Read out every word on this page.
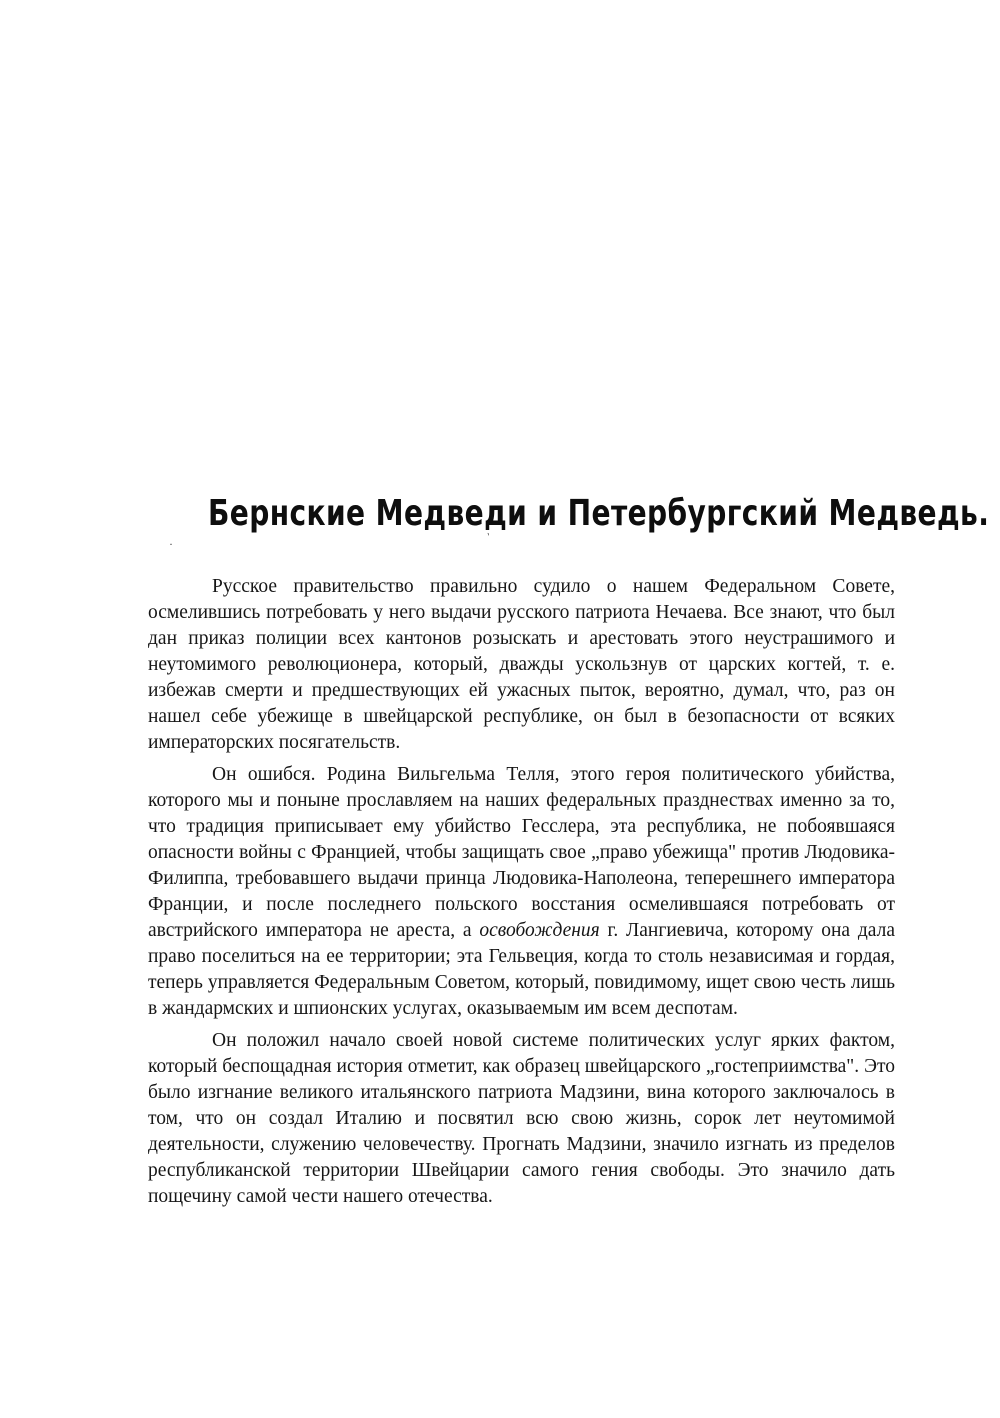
Бернские Медведи и Петербургский Медведь.
·	`

Русское правительство правильно судило о нашем Федеральном Совете, осмелившись потребовать у него выдачи русского патриота Нечаева. Все знают, что был дан приказ полиции всех кантонов розыскать и арестовать этого неустрашимого и неутомимого революционера, который, дважды ускользнув от царских когтей, т. е. избежав смерти и предшествующих ей ужасных пыток, вероятно, думал, что, раз он нашел себе убежище в швейцарской республике, он был в безопасности от всяких императорских посягательств.

Он ошибся. Родина Вильгельма Телля, этого героя политического убийства, которого мы и поныне прославляем на наших федеральных празднествах именно за то, что традиция приписывает ему убийство Гесслера, эта республика, не побоявшаяся опасности войны с Францией, чтобы защищать свое „право убежища" против Людовика-Филиппа, требовавшего выдачи принца Людовика-Наполеона, теперешнего императора Франции, и после последнего польского восстания осмелившаяся потребовать от австрийского императора не ареста, а освобождения г. Лангиевича, которому она дала право поселиться на ее территории; эта Гельвеция, когда то столь независимая и гордая, теперь управляется Федеральным Советом, который, повидимому, ищет свою честь лишь в жандармских и шпионских услугах, оказываемым им всем деспотам.

Он положил начало своей новой системе политических услуг ярких фактом, который беспощадная история отметит, как образец швейцарского „гостеприимства". Это было изгнание великого итальянского патриота Мадзини, вина которого заключалось в том, что он создал Италию и посвятил всю свою жизнь, сорок лет неутомимой деятельности, служению человечеству. Прогнать Мадзини, значило изгнать из пределов республиканской территории Швейцарии самого гения свободы. Это значило дать пощечину самой чести нашего отечества.
